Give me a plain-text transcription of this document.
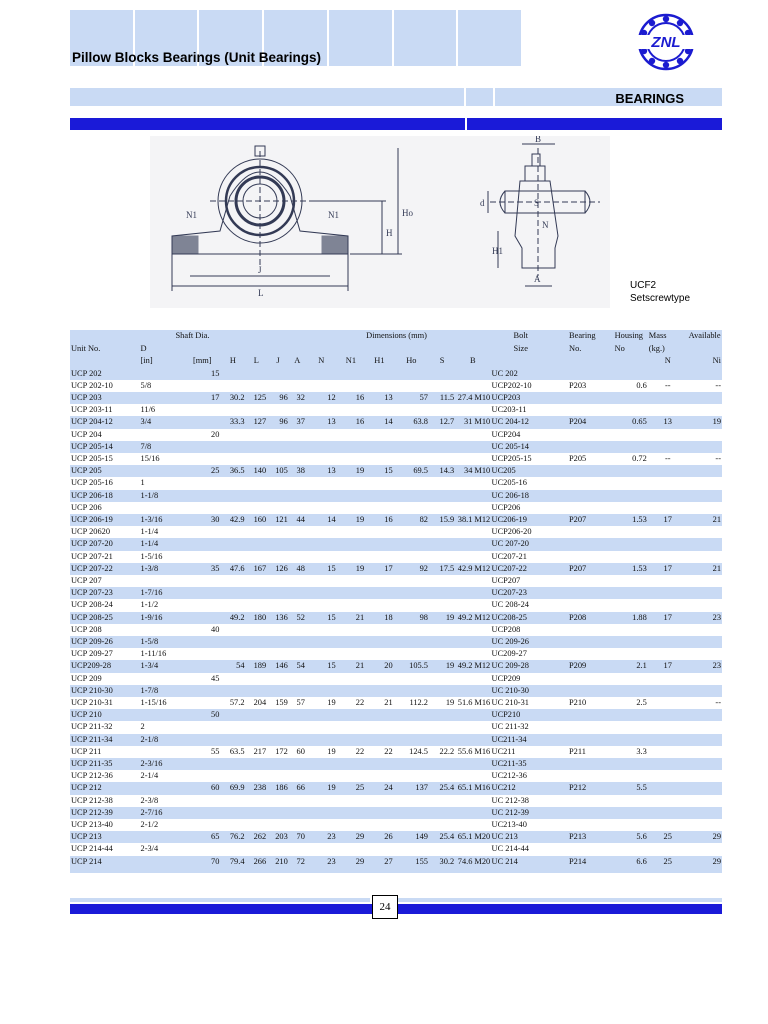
Pillow Blocks Bearings (Unit Bearings)
ZNL
BEARINGS
N1	N1
J
L
H
Ho
B
S
d
N
A
H1
UCF2
Setscrewtype
	Shaft Dia.								Dimensions (mm)				Bolt		Bearing	Housing	Mass	Available
Unit No.	D												Size		No.	No	(kg.)	
	[in]	[mm]	H	L	J	A	N	N1	H1	Ho	S	B					N	Ni
UCP 202		15												UC 202				
UCP 202-10	5/8													UCP202-10	P203	0.6	--	--
UCP 203		17	30.2	125	96	32	12	16	13	57	11.5	27.4	M10	UCP203				
UCP 203-11	11/6													UC203-11				
UCP 204-12	3/4		33.3	127	96	37	13	16	14	63.8	12.7	31	M10	UC 204-12	P204	0.65	13	19
UCP 204		20												UCP204				
UCP 205-14	7/8													UC 205-14				
UCP 205-15	15/16													UCP205-15	P205	0.72	--	--
UCP 205		25	36.5	140	105	38	13	19	15	69.5	14.3	34	M10	UC205				
UCP 205-16	1													UC205-16				
UCP 206-18	1-1/8													UC 206-18				
UCP 206														UCP206				
UCP 206-19	1-3/16	30	42.9	160	121	44	14	19	16	82	15.9	38.1	M12	UC206-19	P207	1.53	17	21
UCP 20620	1-1/4													UCP206-20				
UCP 207-20	1-1/4													UC 207-20				
UCP 207-21	1-5/16													UC207-21				
UCP 207-22	1-3/8	35	47.6	167	126	48	15	19	17	92	17.5	42.9	M12	UC207-22	P207	1.53	17	21
UCP 207														UCP207				
UCP 207-23	1-7/16													UC207-23				
UCP 208-24	1-1/2													UC 208-24				
UCP 208-25	1-9/16		49.2	180	136	52	15	21	18	98	19	49.2	M12	UC208-25	P208	1.88	17	23
UCP 208		40												UCP208				
UCP 209-26	1-5/8													UC 209-26				
UCP 209-27	1-11/16													UC209-27				
UCP209-28	1-3/4		54	189	146	54	15	21	20	105.5	19	49.2	M12	UC 209-28	P209	2.1	17	23
UCP 209		45												UCP209				
UCP 210-30	1-7/8													UC 210-30				
UCP 210-31	1-15/16		57.2	204	159	57	19	22	21	112.2	19	51.6	M16	UC 210-31	P210	2.5		--
UCP 210		50												UCP210				
UCP 211-32	2													UC 211-32				
UCP 211-34	2-1/8													UC211-34				
UCP 211		55	63.5	217	172	60	19	22	22	124.5	22.2	55.6	M16	UC211	P211	3.3		
UCP 211-35	2-3/16													UC211-35				
UCP 212-36	2-1/4													UC212-36				
UCP 212		60	69.9	238	186	66	19	25	24	137	25.4	65.1	M16	UC212	P212	5.5		
UCP 212-38	2-3/8													UC 212-38				
UCP 212-39	2-7/16													UC 212-39				
UCP 213-40	2-1/2													UC213-40				
UCP 213		65	76.2	262	203	70	23	29	26	149	25.4	65.1	M20	UC 213	P213	5.6	25	29
UCP 214-44	2-3/4													UC 214-44				
UCP 214		70	79.4	266	210	72	23	29	27	155	30.2	74.6	M20	UC 214	P214	6.6	25	29
24
